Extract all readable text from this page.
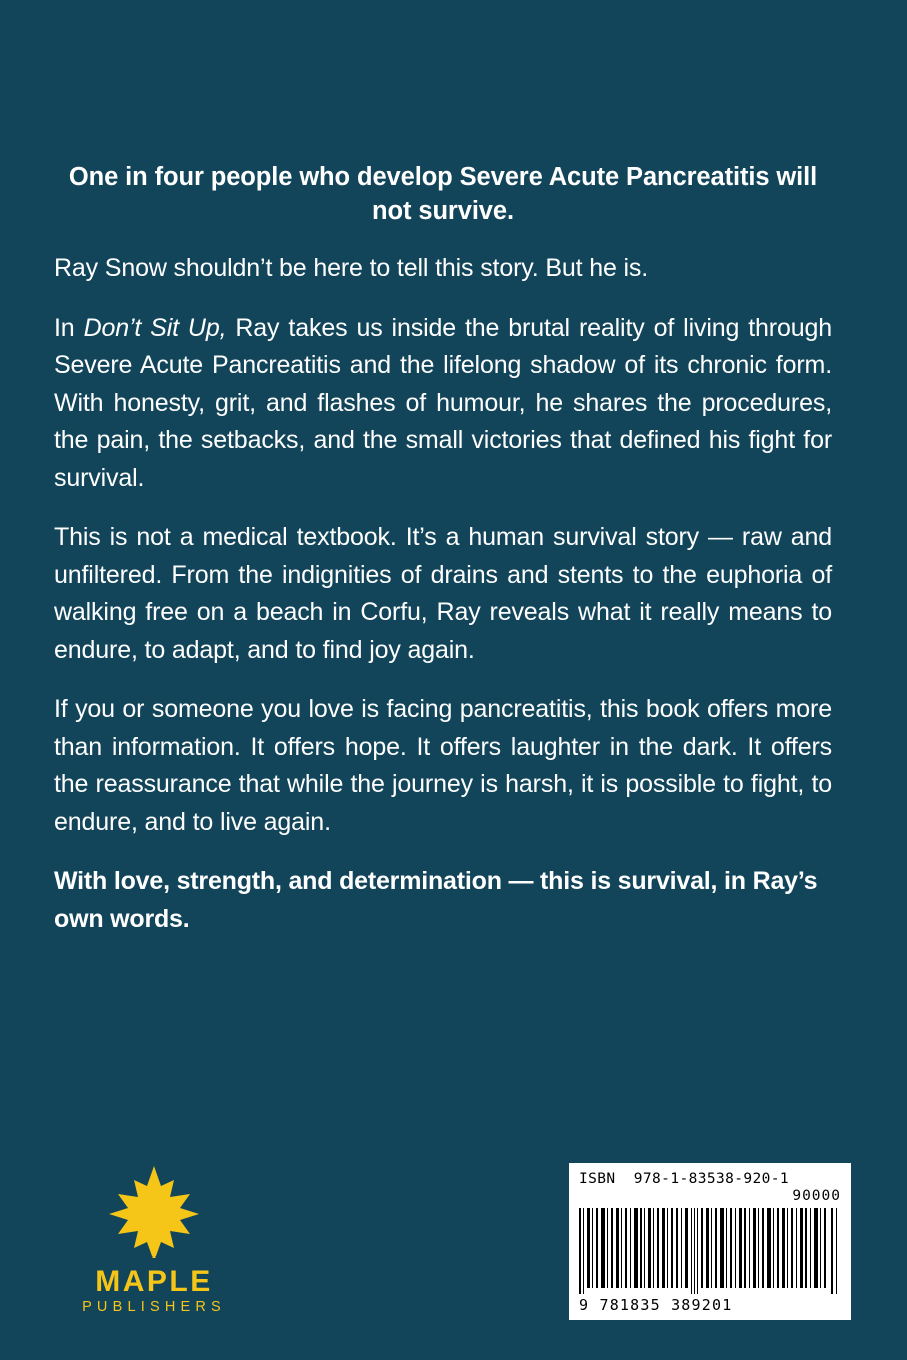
One in four people who develop Severe Acute Pancreatitis will not survive.

Ray Snow shouldn’t be here to tell this story. But he is.

In Don’t Sit Up, Ray takes us inside the brutal reality of living through Severe Acute Pancreatitis and the lifelong shadow of its chronic form. With honesty, grit, and flashes of humour, he shares the procedures, the pain, the setbacks, and the small victories that defined his fight for survival.

This is not a medical textbook. It’s a human survival story — raw and unfiltered. From the indignities of drains and stents to the euphoria of walking free on a beach in Corfu, Ray reveals what it really means to endure, to adapt, and to find joy again.

If you or someone you love is facing pancreatitis, this book offers more than information. It offers hope. It offers laughter in the dark. It offers the reassurance that while the journey is harsh, it is possible to fight, to endure, and to live again.

With love, strength, and determination — this is survival, in Ray’s own words.

MAPLE
PUBLISHERS
ISBN 978-1-83538-920-1
90000
9 781835 389201
